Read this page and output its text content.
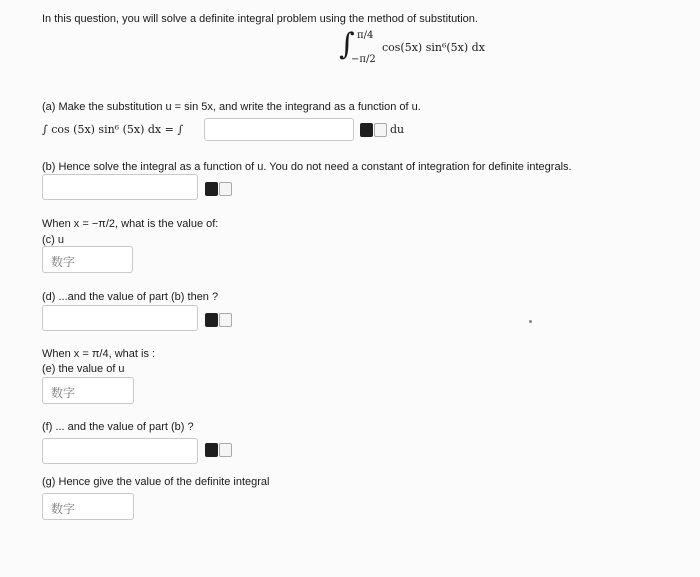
In this question, you will solve a definite integral problem using the method of substitution.
∫ π/4
−π/2
cos(5x) sin⁶(5x) dx
(a) Make the substitution u = sin 5x, and write the integrand as a function of u.
∫ cos (5x) sin⁶ (5x) dx = ∫	du
(b) Hence solve the integral as a function of u. You do not need a constant of integration for definite integrals.
When x = −π/2, what is the value of:
(c) u
数字
(d) ...and the value of part (b) then ?
When x = π/4, what is :
(e) the value of u
数字
(f) ... and the value of part (b) ?
(g) Hence give the value of the definite integral
数字
